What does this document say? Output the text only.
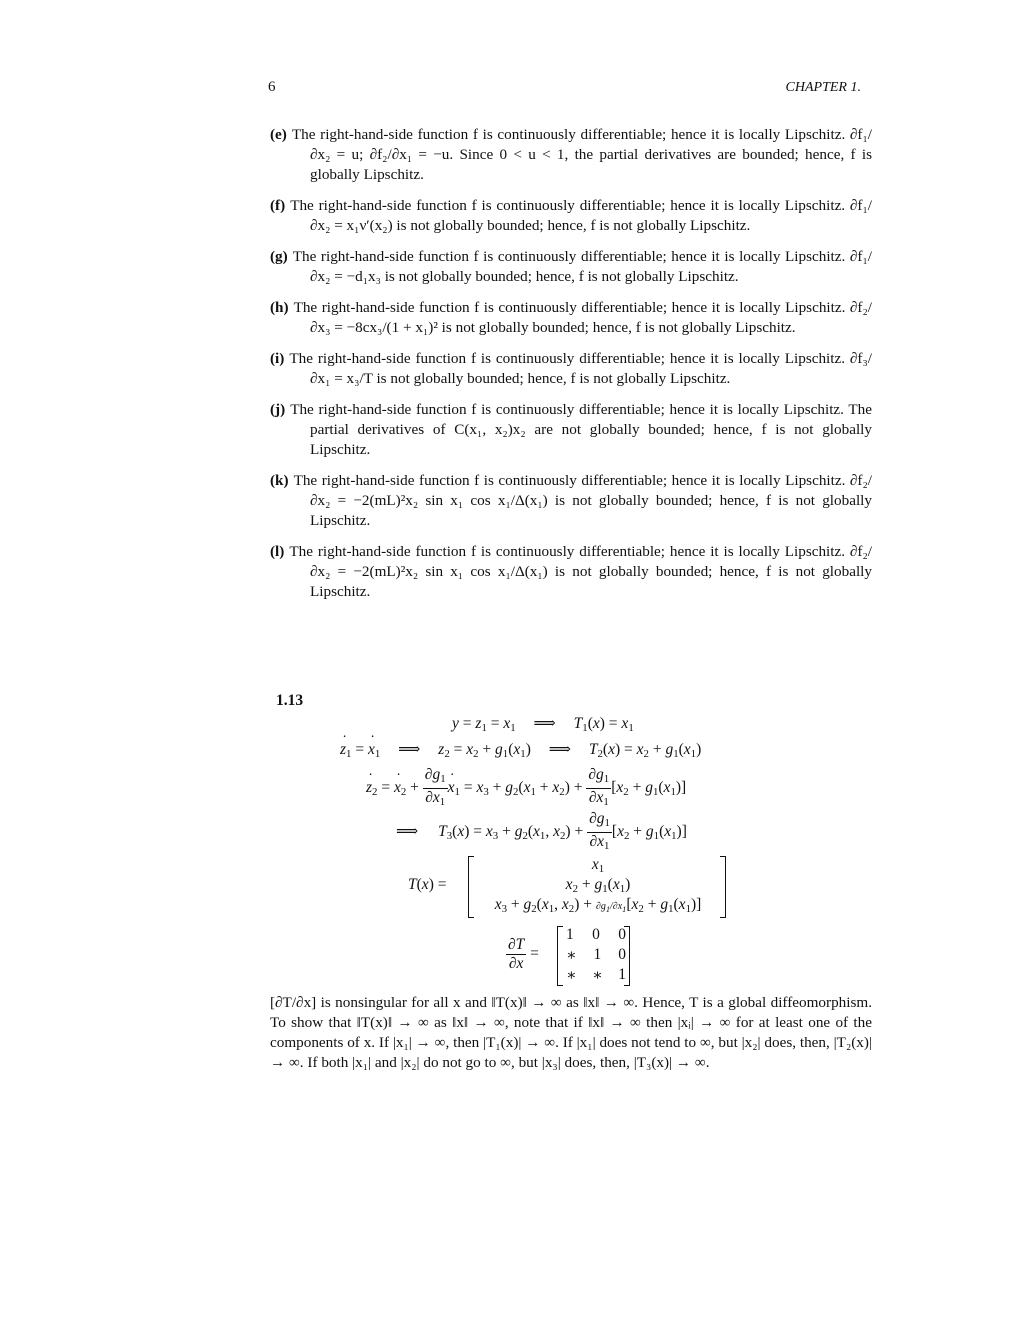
6	CHAPTER 1.
(e) The right-hand-side function f is continuously differentiable; hence it is locally Lipschitz. ∂f₁/∂x₂ = u; ∂f₂/∂x₁ = −u. Since 0 < u < 1, the partial derivatives are bounded; hence, f is globally Lipschitz.
(f) The right-hand-side function f is continuously differentiable; hence it is locally Lipschitz. ∂f₁/∂x₂ = x₁ν′(x₂) is not globally bounded; hence, f is not globally Lipschitz.
(g) The right-hand-side function f is continuously differentiable; hence it is locally Lipschitz. ∂f₁/∂x₂ = −d₁x₃ is not globally bounded; hence, f is not globally Lipschitz.
(h) The right-hand-side function f is continuously differentiable; hence it is locally Lipschitz. ∂f₂/∂x₃ = −8cx₃/(1 + x₁)² is not globally bounded; hence, f is not globally Lipschitz.
(i) The right-hand-side function f is continuously differentiable; hence it is locally Lipschitz. ∂f₃/∂x₁ = x₃/T is not globally bounded; hence, f is not globally Lipschitz.
(j) The right-hand-side function f is continuously differentiable; hence it is locally Lipschitz. The partial derivatives of C(x₁, x₂)x₂ are not globally bounded; hence, f is not globally Lipschitz.
(k) The right-hand-side function f is continuously differentiable; hence it is locally Lipschitz. ∂f₂/∂x₂ = −2(mL)²x₂ sin x₁ cos x₁/Δ(x₁) is not globally bounded; hence, f is not globally Lipschitz.
(l) The right-hand-side function f is continuously differentiable; hence it is locally Lipschitz. ∂f₂/∂x₂ = −2(mL)²x₂ sin x₁ cos x₁/Δ(x₁) is not globally bounded; hence, f is not globally Lipschitz.
1.13
$y = z_1 = x_1$ ⟹ $T_1(x) = x_1$
˙ $z_1$ = ˙ $x_1$ ⟹ $z_2 = x_2 + g_1(x_1)$ ⟹ $T_2(x) = x_2 + g_1(x_1)$
˙ $z_2$ = ˙ $x_2 + \frac{\partial g_1}{\partial x_1}$ ˙ $x_1 = x_3 + g_2(x_1 + x_2) + \frac{\partial g_1}{\partial x_1} [x_2 + g_1(x_1)]$
⟹ $T_3(x) = x_3 + g_2(x_1$, $x_2) + \frac{\partial g_1}{\partial x_1} [x_2 + g_1(x_1)]$
T(x) =
$x_1$
$x_2 + g_1(x_1)$
$x_3 + g_2(x_1$, $x_2) + \partial g_1/\partial x_1[x_2 + g_1(x_1)]$
$\frac{\partial T}{\partial x}$ =
1 0 0
∗ 1 0
∗ ∗ 1
[∂T/∂x] is nonsingular for all x and ‖T(x)‖ → ∞ as ‖x‖ → ∞. Hence, T is a global diffeomorphism. To show that ‖T(x)‖ → ∞ as ‖x‖ → ∞, note that if ‖x‖ → ∞ then |xᵢ| → ∞ for at least one of the components of x. If |x₁| → ∞, then |T₁(x)| → ∞. If |x₁| does not tend to ∞, but |x₂| does, then, |T₂(x)| → ∞. If both |x₁| and |x₂| do not go to ∞, but |x₃| does, then, |T₃(x)| → ∞.
